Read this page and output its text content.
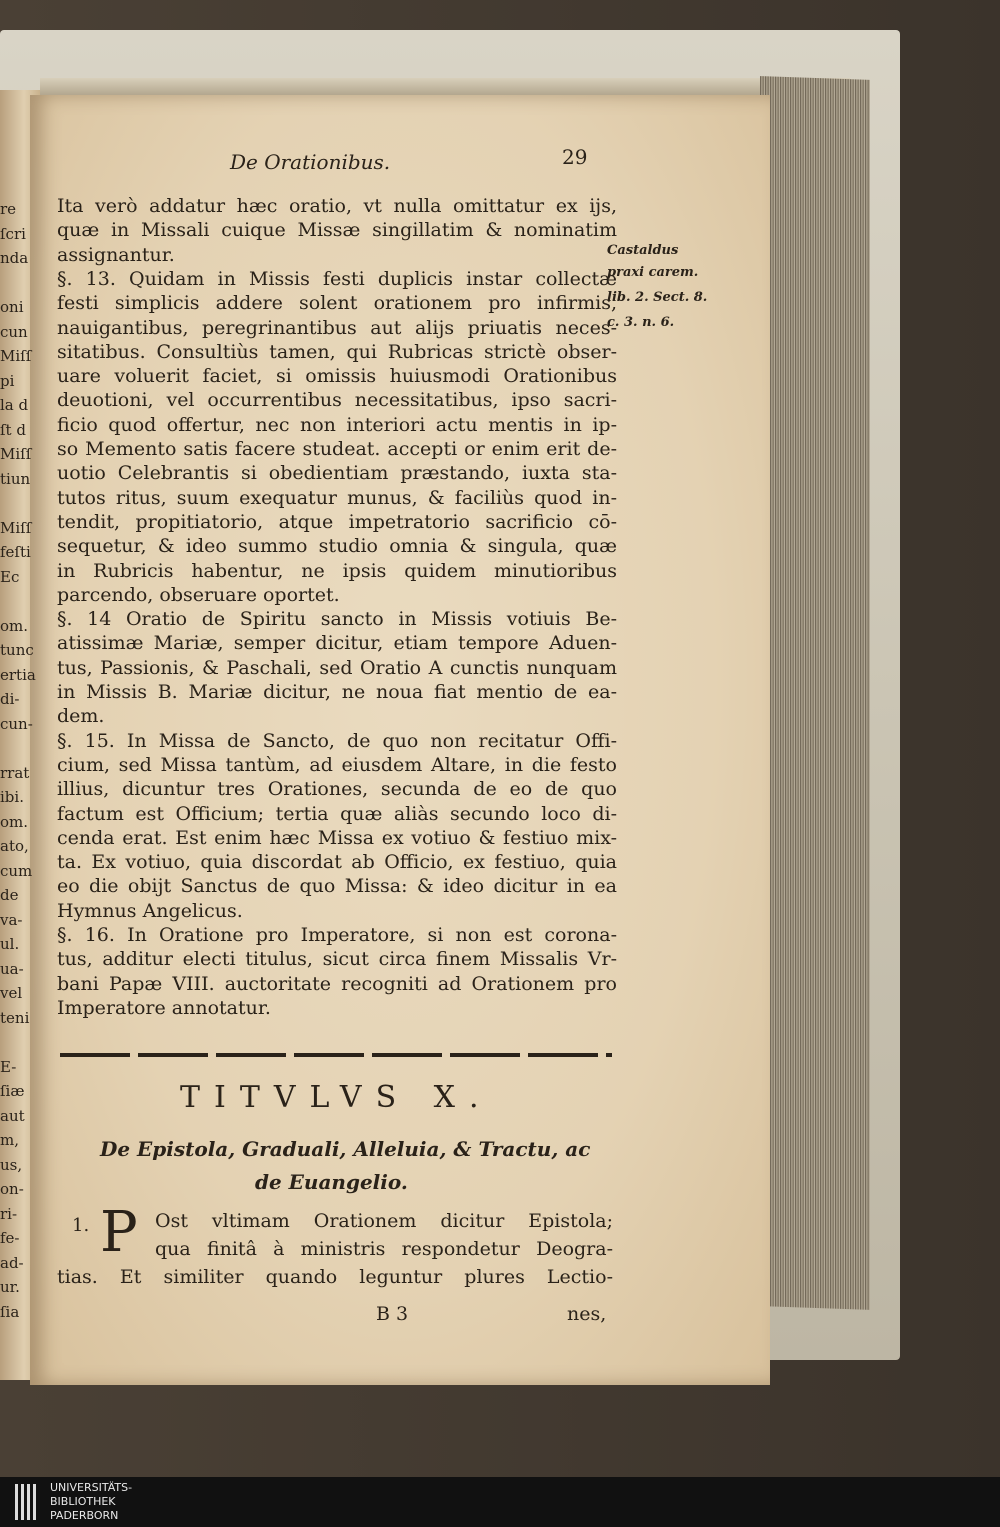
re
ſcri
nda
oni
cun
Miſſ
pi
la d
ſt d
Miſſ
tiun
Miſſ
feſti
Ec
om.
tunc
ertia
di-
cun-
rrat
ibi.
om.
ato,
cum
de
va-
ul.
ua-
vel
teni
E-
ſiæ
aut
m,
us,
on-
ri-
fe-
ad-
ur.
ſia
De Orationibus.	29
Ita verò addatur hæc oratio, vt nulla omittatur ex ijs,
quæ in Missali cuique Missæ singillatim & nominatim
assignantur.
§. 13. Quidam in Missis festi duplicis instar collectæ
festi simplicis addere solent orationem pro infirmis,
nauigantibus, peregrinantibus aut alijs priuatis neces-
sitatibus. Consultiùs tamen, qui Rubricas strictè obser-
uare voluerit faciet, si omissis huiusmodi Orationibus
deuotioni, vel occurrentibus necessitatibus, ipso sacri-
ficio quod offertur, nec non interiori actu mentis in ip-
so Memento satis facere studeat. accepti or enim erit de-
uotio Celebrantis si obedientiam præstando, iuxta sta-
tutos ritus, suum exequatur munus, & faciliùs quod in-
tendit, propitiatorio, atque impetratorio sacrificio cō-
sequetur, & ideo summo studio omnia & singula, quæ
in Rubricis habentur, ne ipsis quidem minutioribus
parcendo, obseruare oportet.
§. 14 Oratio de Spiritu sancto in Missis votiuis Be-
atissimæ Mariæ, semper dicitur, etiam tempore Aduen-
tus, Passionis, & Paschali, sed Oratio A cunctis nunquam
in Missis B. Mariæ dicitur, ne noua fiat mentio de ea-
dem.
§. 15. In Missa de Sancto, de quo non recitatur Offi-
cium, sed Missa tantùm, ad eiusdem Altare, in die festo
illius, dicuntur tres Orationes, secunda de eo de quo
factum est Officium; tertia quæ aliàs secundo loco di-
cenda erat. Est enim hæc Missa ex votiuo & festiuo mix-
ta. Ex votiuo, quia discordat ab Officio, ex festiuo, quia
eo die obijt Sanctus de quo Missa: & ideo dicitur in ea
Hymnus Angelicus.
§. 16. In Oratione pro Imperatore, si non est corona-
tus, additur electi titulus, sicut circa finem Missalis Vr-
bani Papæ VIII. auctoritate recogniti ad Orationem pro
Imperatore annotatur.
Castaldus
praxi carem.
lib. 2. Sect. 8.
c. 3. n. 6.
TITVLVS X.
De Epistola, Graduali, Alleluia, & Tractu, ac
de Euangelio.
1. P Ost vltimam Orationem dicitur Epistola;
qua finitâ à ministris respondetur Deogra-
tias. Et similiter quando leguntur plures Lectio-
B 3	nes,
UNIVERSITÄTS-
BIBLIOTHEK
PADERBORN
